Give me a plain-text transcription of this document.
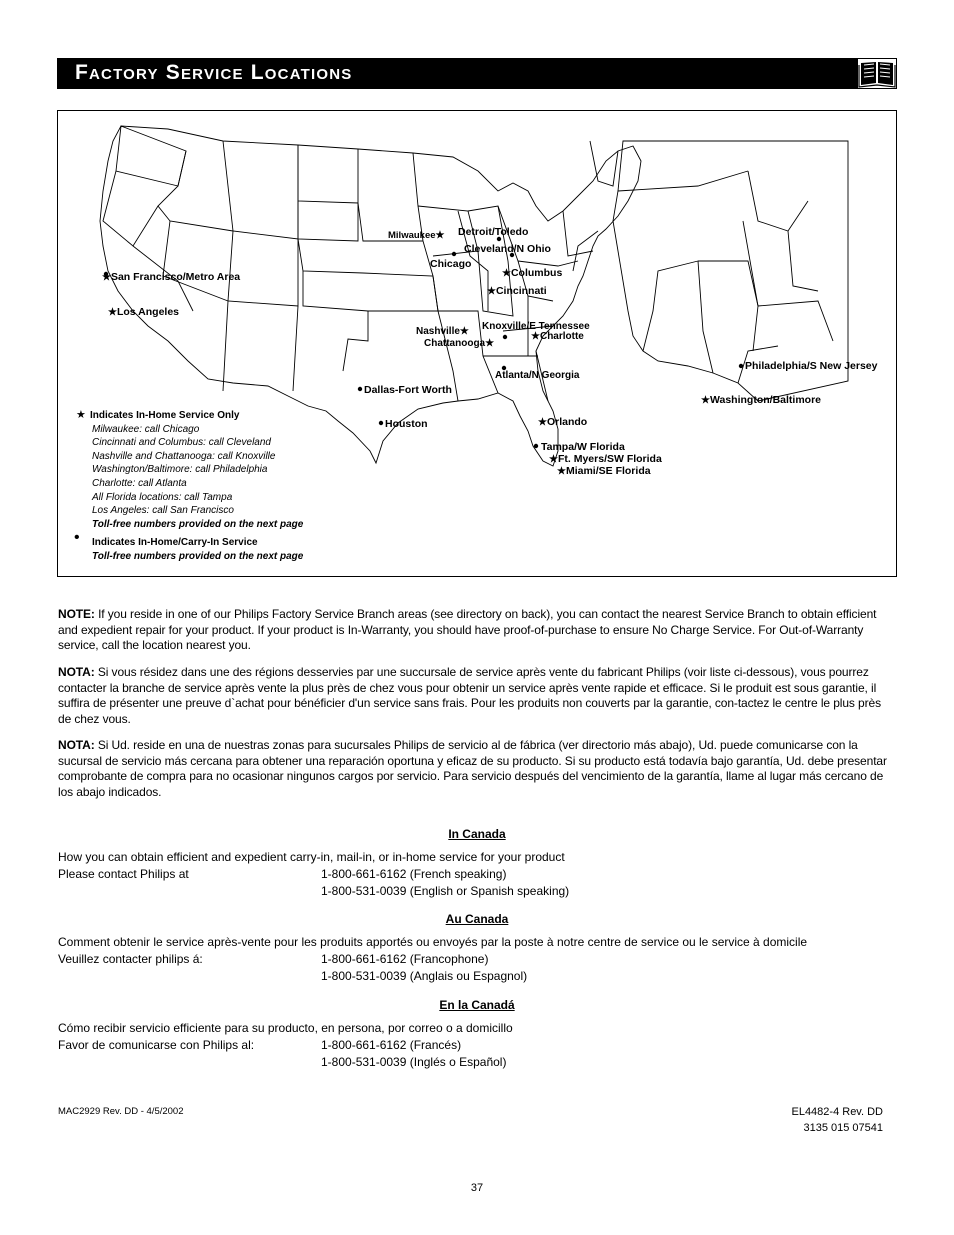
Factory Service Locations
★San Francisco/Metro Area
★Los Angeles
Milwaukee★
Chicago
Detroit/Toledo
Cleveland/N Ohio
★Columbus
★Cincinnati
Knoxville/E Tennessee
Nashville★
Chattanooga★
★Charlotte
Atlanta/N Georgia
Dallas-Fort Worth
Houston	★Orlando
Tampa/W Florida
★Ft. Myers/SW Florida
★Miami/SE Florida
Philadelphia/S New Jersey
★Washington/Baltimore
★ Indicates In-Home Service Only
Milwaukee: call Chicago
Cincinnati and Columbus: call Cleveland
Nashville and Chattanooga: call Knoxville
Washington/Baltimore: call Philadelphia
Charlotte: call Atlanta
All Florida locations: call Tampa
Los Angeles: call San Francisco
Toll-free numbers provided on the next page
• Indicates In-Home/Carry-In Service
Toll-free numbers provided on the next page
NOTE: If you reside in one of our Philips Factory Service Branch areas (see directory on back), you can contact the nearest Service Branch to obtain efficient and expedient repair for your product. If your product is In-Warranty, you should have proof-of-purchase to ensure No Charge Service. For Out-of-Warranty service, call the location nearest you.
NOTA: Si vous résidez dans une des régions desservies par une succursale de service après vente du fabricant Philips (voir liste ci-dessous), vous pourrez contacter la branche de service après vente la plus près de chez vous pour obtenir un service après vente rapide et efficace. Si le produit est sous garantie, il suffira de présenter une preuve d`achat pour bénéficier d'un service sans frais. Pour les produits non couverts par la garantie, con-tactez le centre le plus près de chez vous.
NOTA: Si Ud. reside en una de nuestras zonas para sucursales Philips de servicio al de fábrica (ver directorio más abajo), Ud. puede comunicarse con la sucursal de servicio más cercana para obtener una reparación oportuna y eficaz de su producto. Si su producto está todavía bajo garantía, Ud. debe presentar comprobante de compra para no ocasionar ningunos cargos por servicio. Para servicio después del vencimiento de la garantía, llame al lugar más cercano de los abajo indicados.
In Canada
How you can obtain efficient and expedient carry-in, mail-in, or in-home service for your product
Please contact Philips at	1-800-661-6162 (French speaking)
1-800-531-0039 (English or Spanish speaking)
Au Canada
Comment obtenir le service après-vente pour les produits apportés ou envoyés par la poste à notre centre de service ou le service à domicile
Veuillez contacter philips á:	1-800-661-6162 (Francophone)
1-800-531-0039 (Anglais ou Espagnol)
En la Canadá
Cómo recibir servicio efficiente para su producto, en persona, por correo o a domicillo
Favor de comunicarse con Philips al:	1-800-661-6162 (Francés)
1-800-531-0039 (Inglés o Español)
MAC2929 Rev. DD - 4/5/2002	EL4482-4 Rev. DD
3135 015 07541
37
